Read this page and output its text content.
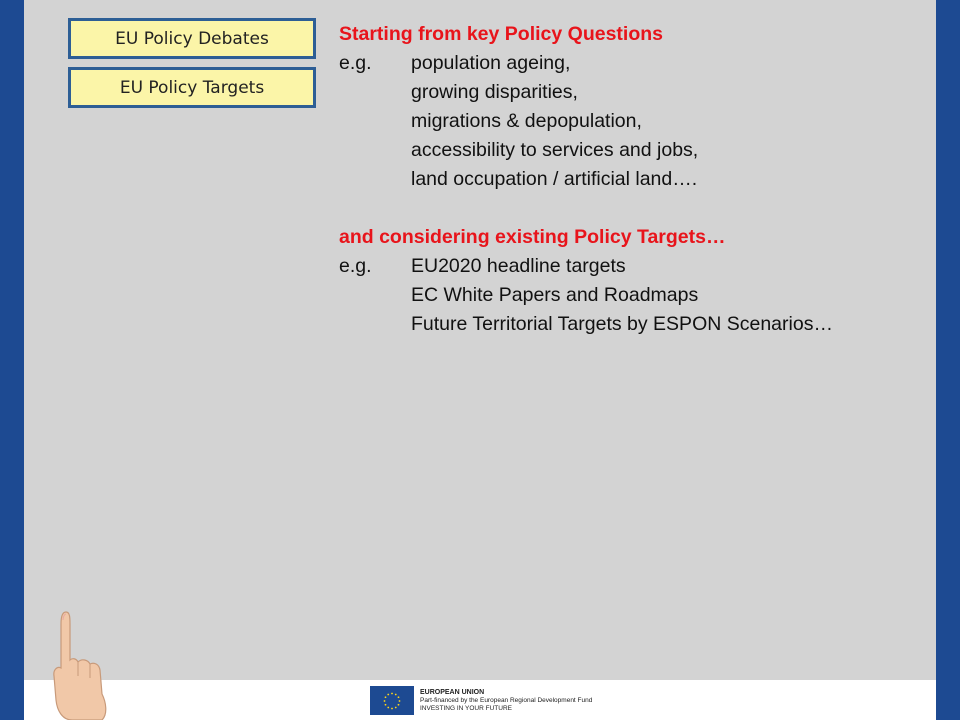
EU Policy Debates
EU Policy Targets
Starting from key Policy Questions
e.g.	population ageing,
growing disparities,
migrations & depopulation,
accessibility to services and jobs,
land occupation / artificial land….
and considering existing Policy Targets…
e.g.	EU2020 headline targets
EC White Papers and Roadmaps
Future Territorial Targets by ESPON Scenarios…
EUROPEAN UNION
Part-financed by the European Regional Development Fund
INVESTING IN YOUR FUTURE
